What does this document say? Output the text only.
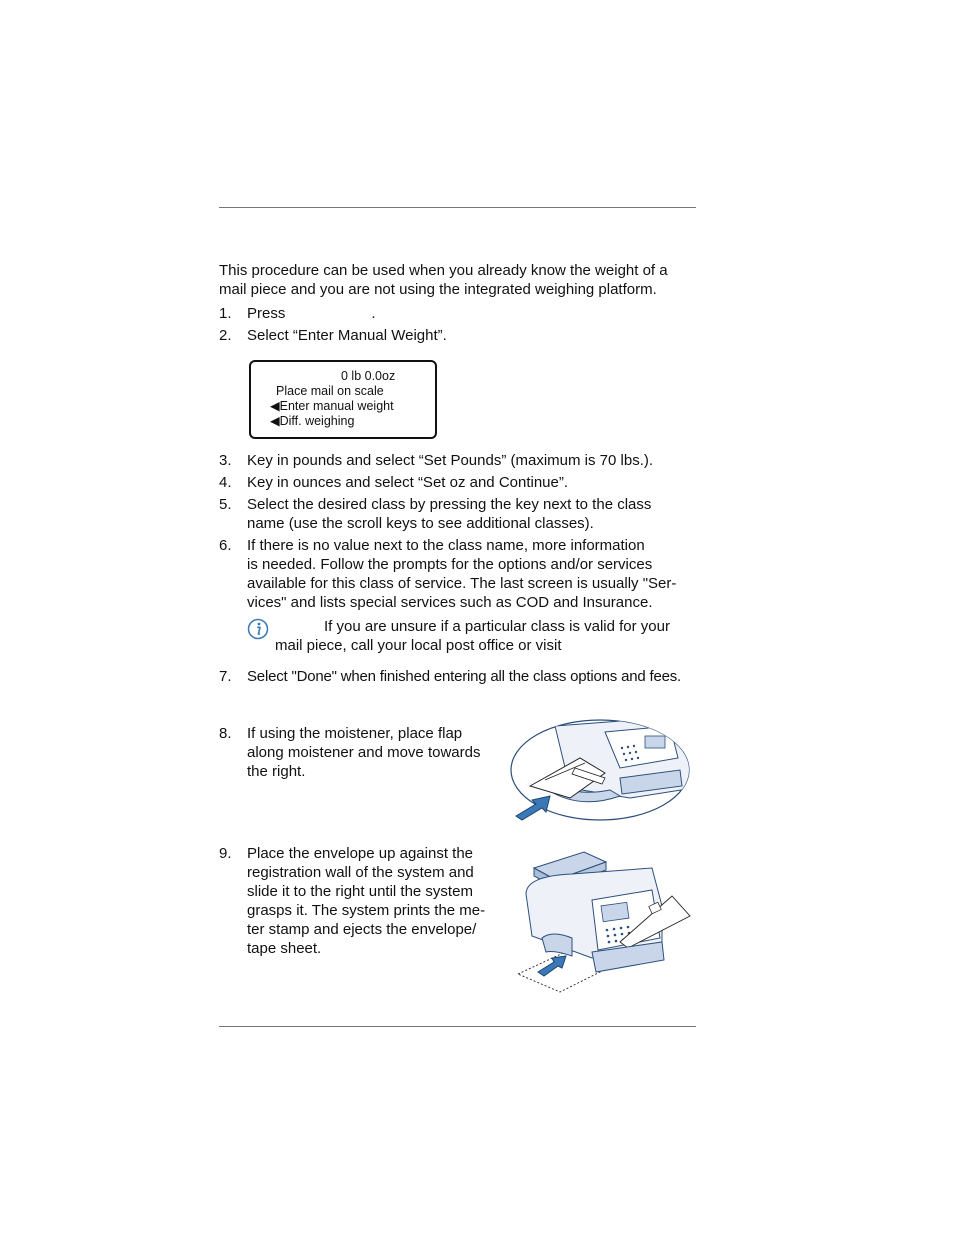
This procedure can be used when you already know the weight of a
mail piece and you are not using the integrated weighing platform.
1.	Press	.
2.	Select “Enter Manual Weight”.
0 lb 0.0oz
Place mail on scale
◀Enter manual weight
◀Diff. weighing
3.	Key in pounds and select “Set Pounds” (maximum is 70 lbs.).
4.	Key in ounces and select “Set oz and Continue”.
5.	Select the desired class by pressing the key next to the class
name (use the scroll keys to see additional classes).
6.	If there is no value next to the class name, more information
is needed. Follow the prompts for the options and/or services
available for this class of service. The last screen is usually "Ser-
vices" and lists special services such as COD and Insurance.
If you are unsure if a particular class is valid for your
mail piece, call your local post office or visit
7.	Select "Done" when finished entering all the class options and fees.
8.	If using the moistener, place flap
along moistener and move towards
the right.
9.	Place the envelope up against the
registration wall of the system and
slide it to the right until the system
grasps it. The system prints the me-
ter stamp and ejects the envelope/
tape sheet.
